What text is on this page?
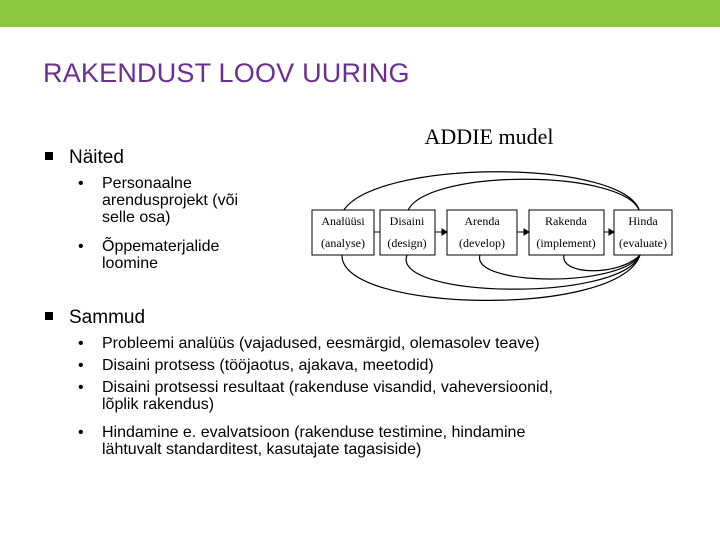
RAKENDUST LOOV UURING
Näited
• Personaalne
arendusprojekt (või
selle osa)
• Õppematerjalide
loomine
ADDIE mudel
Analüüsi
(analyse)
Disaini
(design)
Arenda
(develop)
Rakenda
(implement)
Hinda
(evaluate)
Sammud
• Probleemi analüüs (vajadused, eesmärgid, olemasolev teave)
• Disaini protsess (tööjaotus, ajakava, meetodid)
• Disaini protsessi resultaat (rakenduse visandid, vaheversioonid,
lõplik rakendus)
• Hindamine e. evalvatsioon (rakenduse testimine, hindamine
lähtuvalt standarditest, kasutajate tagasiside)
